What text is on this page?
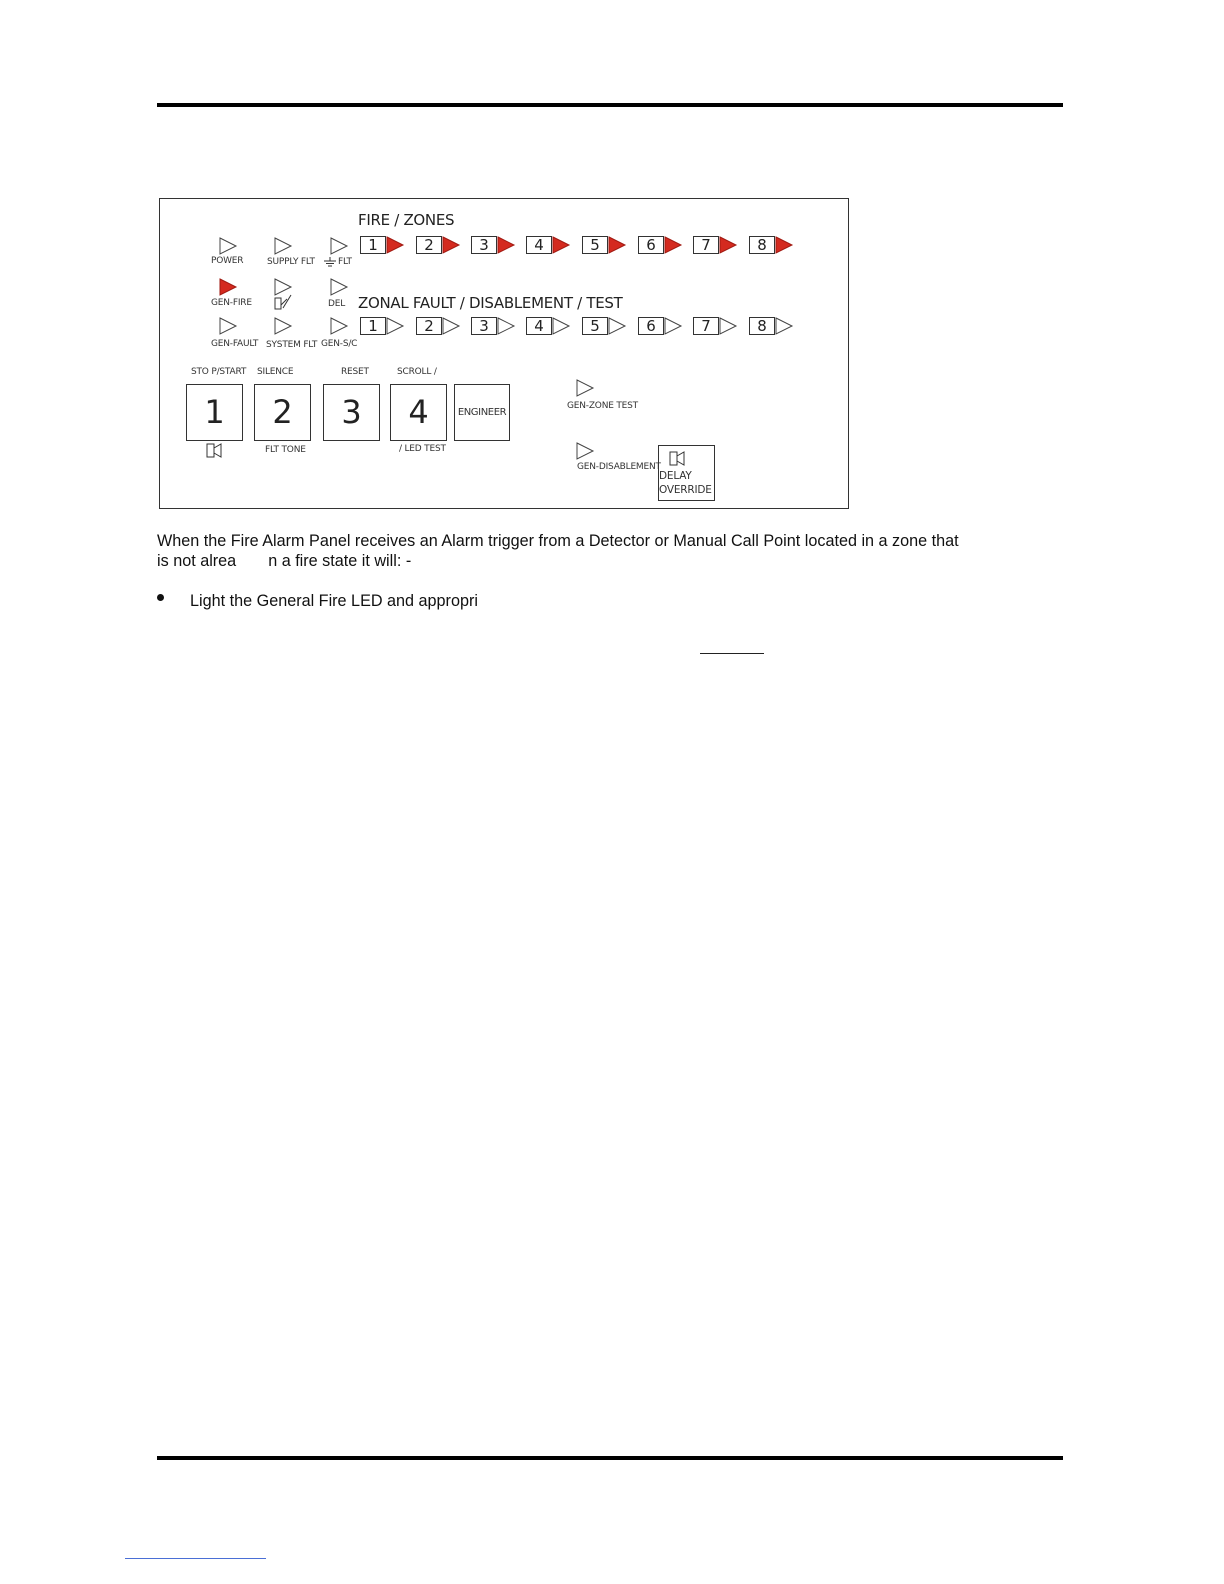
POWER	SUPPLY FLT	FLT
FIRE / ZONES
1	2	3	4	5	6	7	8
GEN-FIRE	DEL ZONAL FAULT / DISABLEMENT / TEST
1	2	3	4	5	6	7	8
GEN-FAULT SYSTEM FLT GEN-S/C
STO P/START SILENCE	RESET	SCROLL /
1	2	3	4	ENGINEER
FLT TONE	/ LED TEST
GEN-ZONE TEST
GEN-DISABLEMENT
DELAY
OVERRIDE
When the Fire Alarm Panel receives an Alarm trigger from a Detector or Manual Call Point located in a zone that
is not alrea n a fire state it will: -
Light the General Fire LED and appropri
